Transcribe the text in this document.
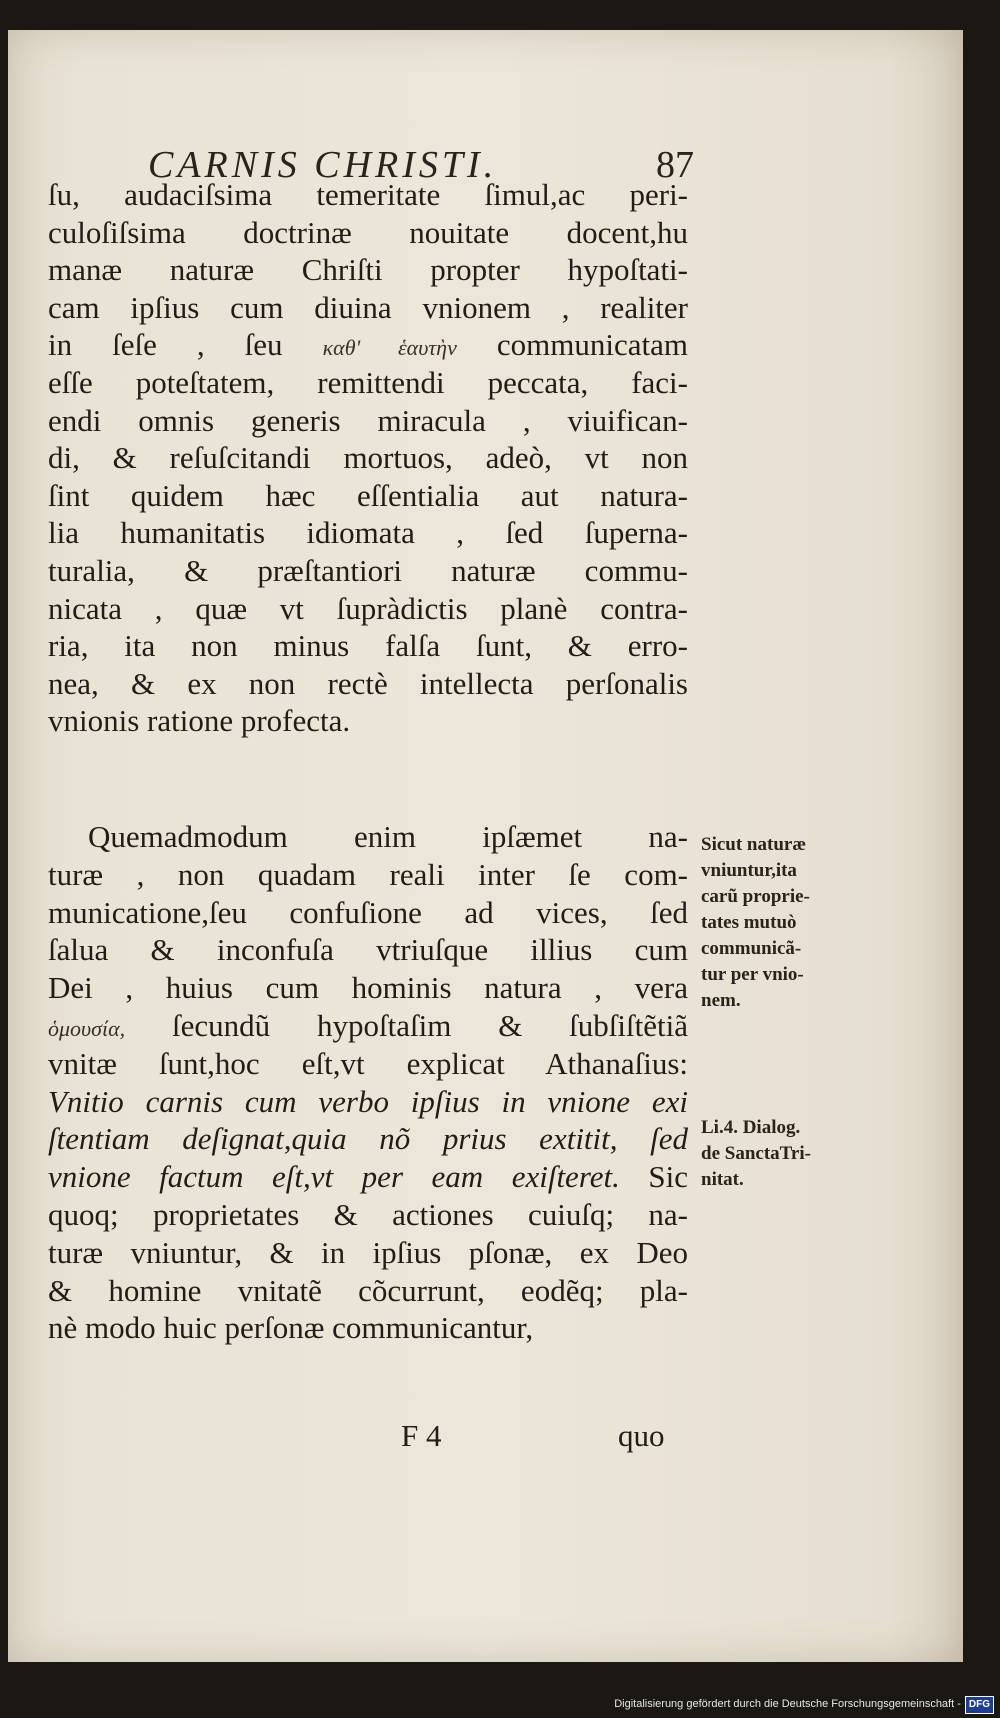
CARNIS CHRISTI.	87
ſu, audaciſsima temeritate ſimul,ac peri-
culoſiſsima doctrinæ nouitate docent,hu
manæ naturæ Chriſti propter hypoſtati-
cam ipſius cum diuina vnionem , realiter
in ſeſe , ſeu καθ' ἑαυτὴν communicatam
eſſe poteſtatem, remittendi peccata, faci-
endi omnis generis miracula , viuifican-
di, & reſuſcitandi mortuos, adeò, vt non
ſint quidem hæc eſſentialia aut natura-
lia humanitatis idiomata , ſed ſuperna-
turalia, & præſtantiori naturæ commu-
nicata , quæ vt ſupràdictis planè contra-
ria, ita non minus falſa ſunt, & erro-
nea, & ex non rectè intellecta perſonalis
vnionis ratione profecta.
Quemadmodum enim ipſæmet na-
turæ , non quadam reali inter ſe com-
municatione,ſeu confuſione ad vices, ſed
ſalua & inconfuſa vtriuſque illius cum
Dei , huius cum hominis natura , vera
ὁμουσία, ſecundũ hypoſtaſim & ſubſiſtẽtiã
vnitæ ſunt,hoc eſt,vt explicat Athanaſius:
Vnitio carnis cum verbo ipſius in vnione exi
ſtentiam deſignat,quia nõ prius extitit, ſed
vnione factum eſt,vt per eam exiſteret. Sic
quoq; proprietates & actiones cuiuſq; na-
turæ vniuntur, & in ipſius pſonæ, ex Deo
& homine vnitatẽ cõcurrunt, eodẽq; pla-
nè modo huic perſonæ communicantur,
Sicut naturæ
vniuntur,ita
carũ proprie-
tates mutuò
communicã-
tur per vnio-
nem.
Li.4. Dialog.
de SanctaTri-
nitat.
F 4	quo
Digitalisierung gefördert durch die Deutsche Forschungsgemeinschaft - DFG
